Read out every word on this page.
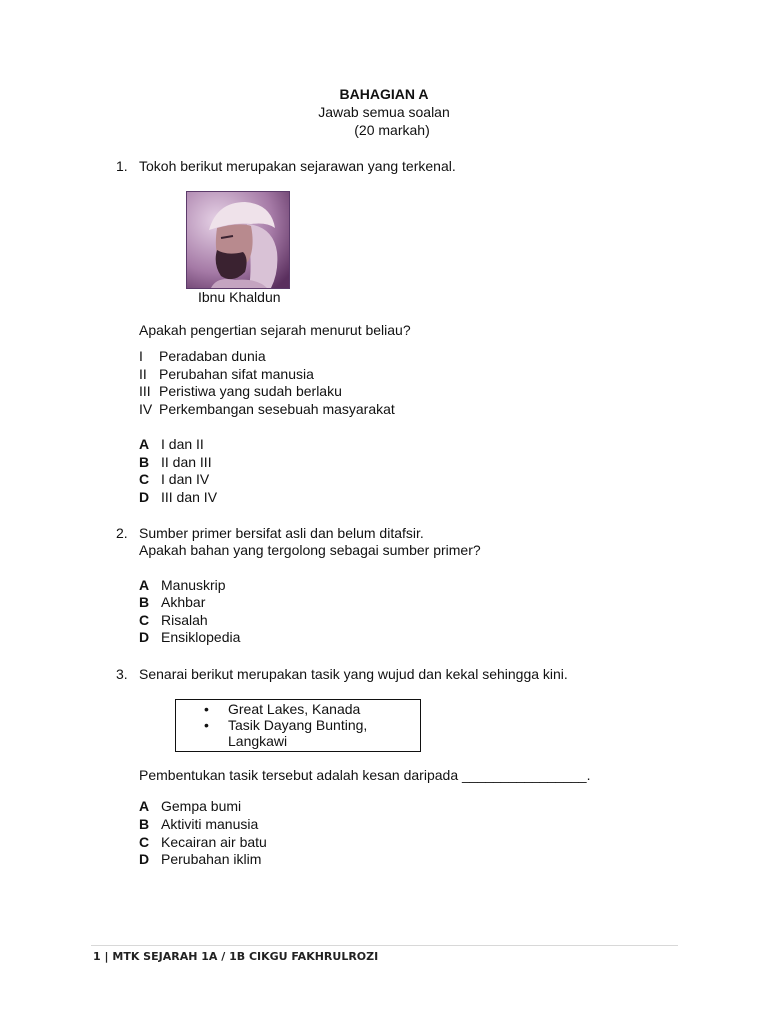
BAHAGIAN A
Jawab semua soalan
(20 markah)
1. Tokoh berikut merupakan sejarawan yang terkenal.
Ibnu Khaldun
Apakah pengertian sejarah menurut beliau?
I Peradaban dunia
II Perubahan sifat manusia
III Peristiwa yang sudah berlaku
IV Perkembangan sesebuah masyarakat
A I dan II
B II dan III
C I dan IV
D III dan IV
2. Sumber primer bersifat asli dan belum ditafsir.
Apakah bahan yang tergolong sebagai sumber primer?
A Manuskrip
B Akhbar
C Risalah
D Ensiklopedia
3. Senarai berikut merupakan tasik yang wujud dan kekal sehingga kini.
• Great Lakes, Kanada
• Tasik Dayang Bunting,
Langkawi
Pembentukan tasik tersebut adalah kesan daripada ________________.
A Gempa bumi
B Aktiviti manusia
C Kecairan air batu
D Perubahan iklim
1 | MTK SEJARAH 1A / 1B CIKGU FAKHRULROZI
